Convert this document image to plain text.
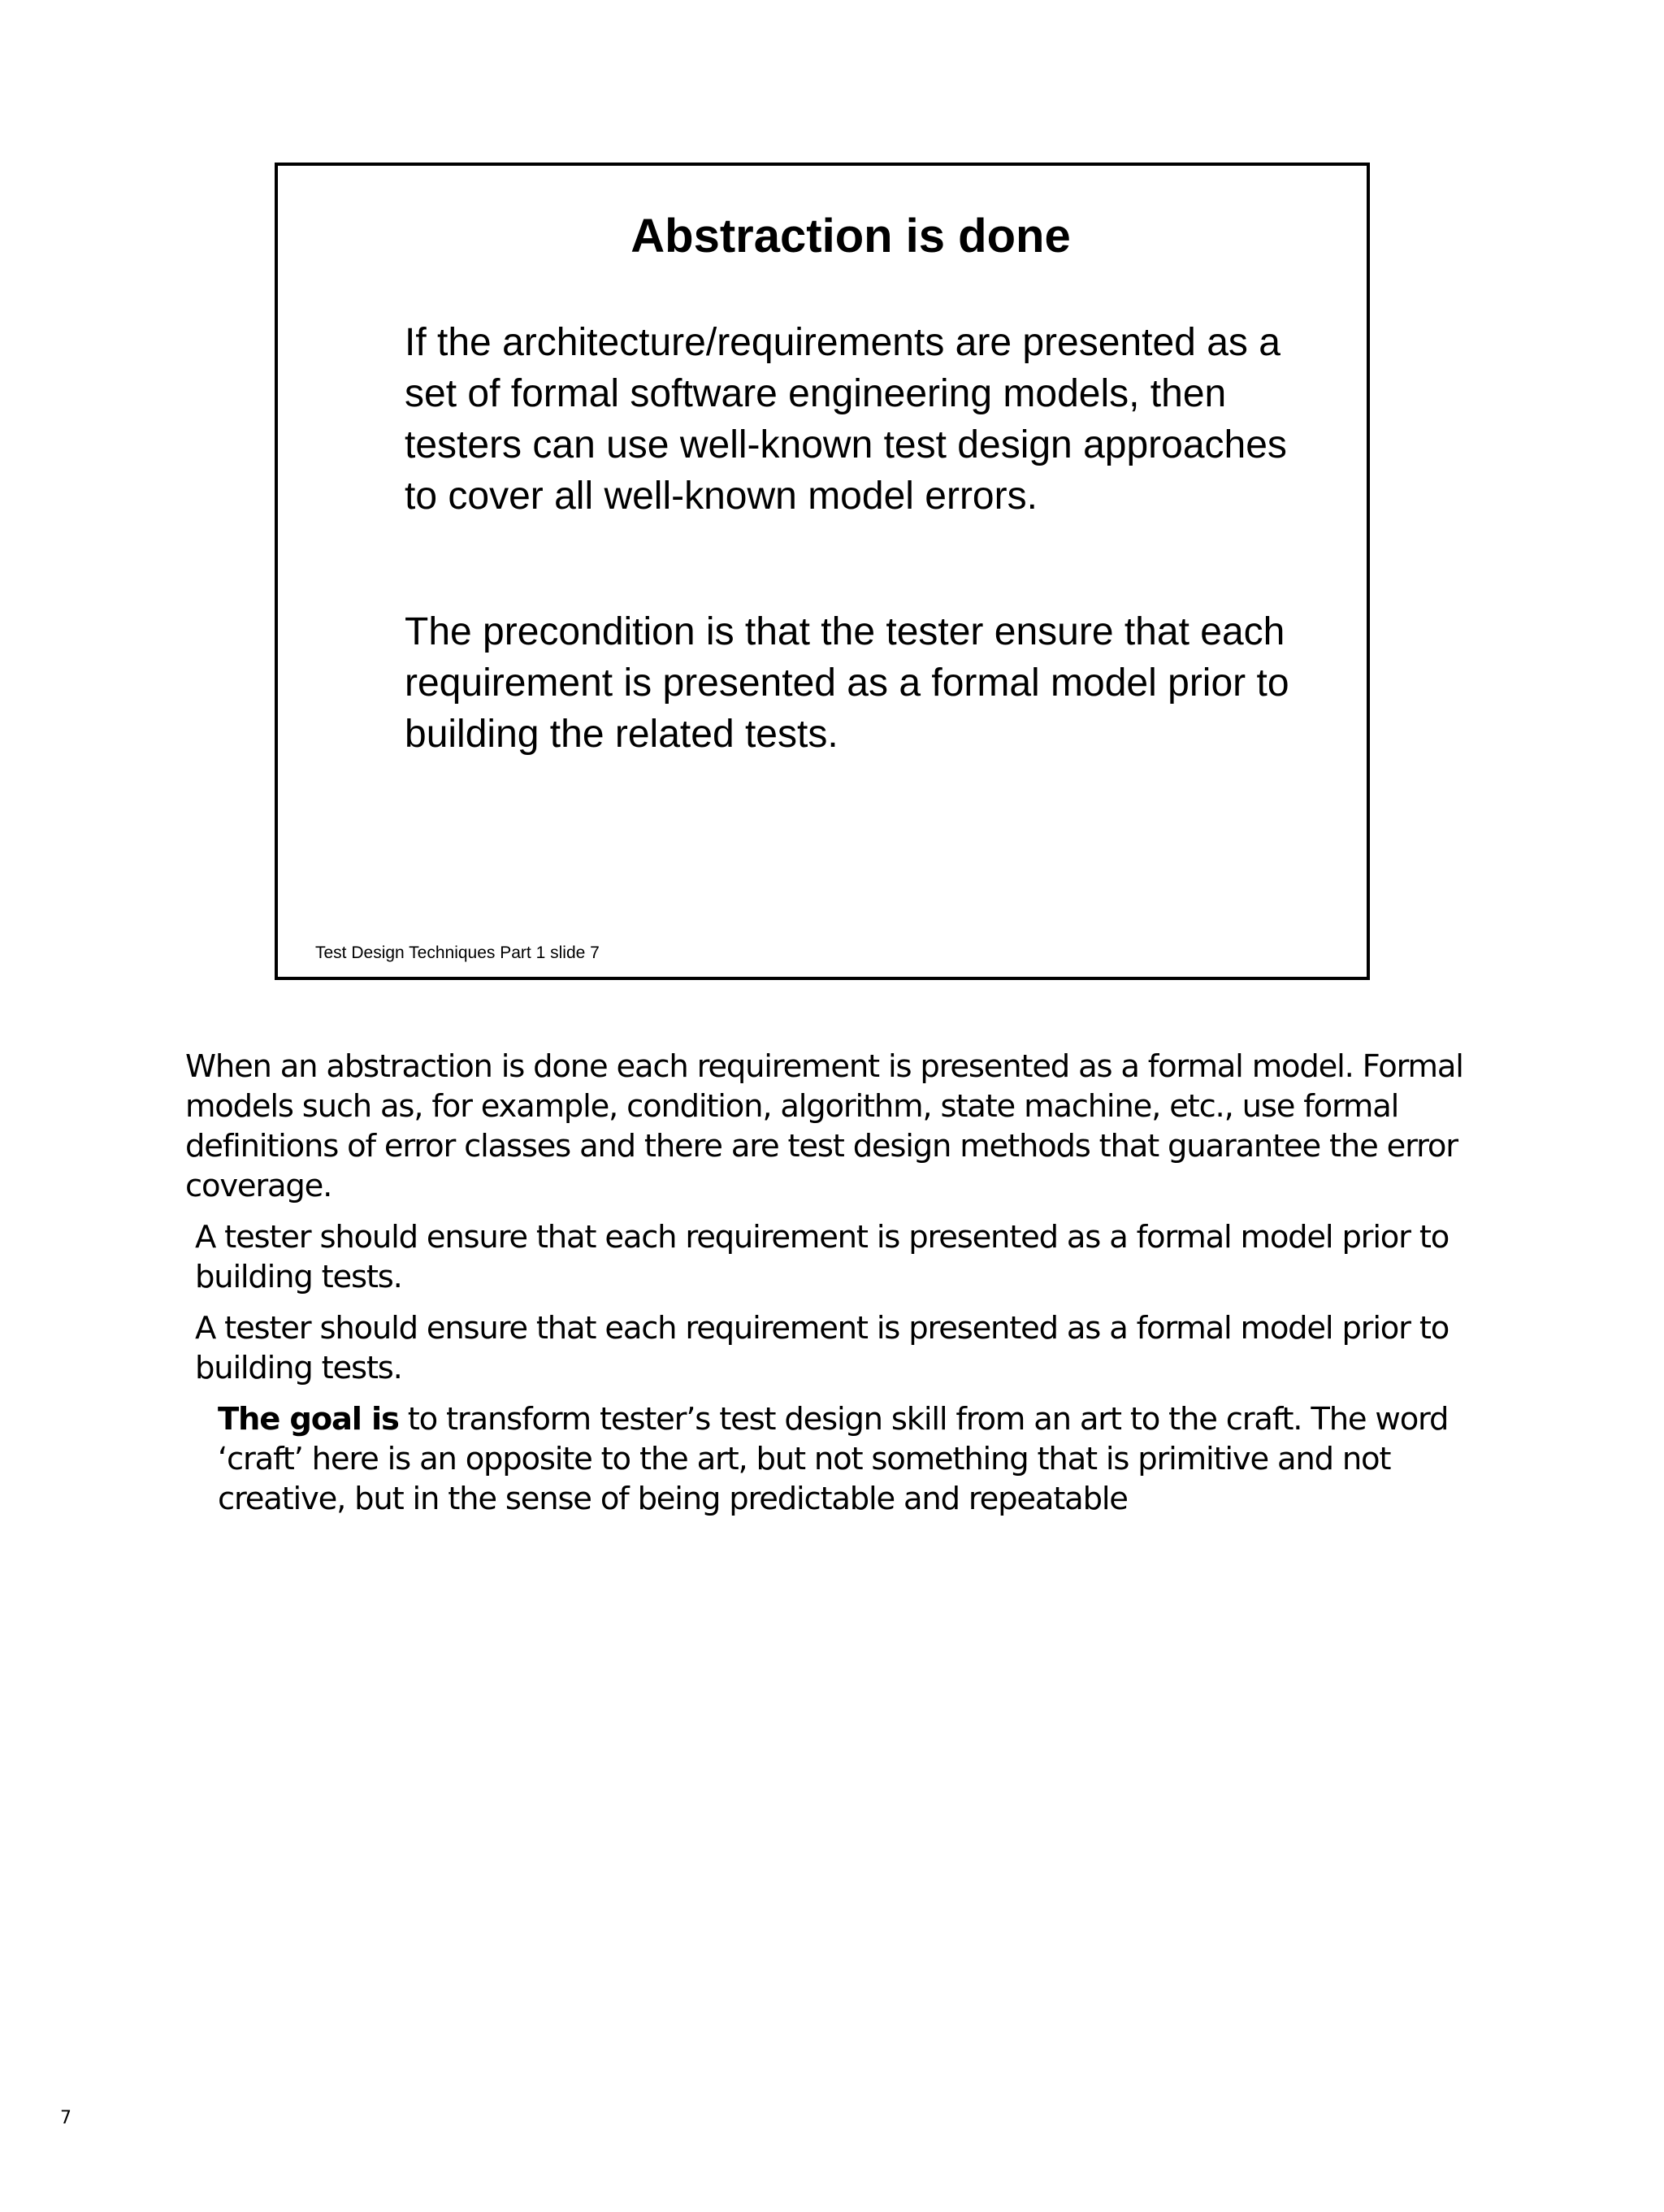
Abstraction is done

If the architecture/requirements are presented as a set of formal software engineering models, then testers can use well-known test design approaches to cover all well-known model errors.

The precondition is that the tester ensure that each requirement is presented as a formal model prior to building the related tests.

Test Design Techniques Part 1 slide 7

When an abstraction is done each requirement is presented as a formal model. Formal models such as, for example, condition, algorithm, state machine, etc., use formal definitions of error classes and there are test design methods that guarantee the error coverage.

A tester should ensure that each requirement is presented as a formal model prior to building tests.

A tester should ensure that each requirement is presented as a formal model prior to building tests.

The goal is to transform tester’s test design skill from an art to the craft. The word ‘craft’ here is an opposite to the art, but not something that is primitive and not creative, but in the sense of being predictable and repeatable

7
